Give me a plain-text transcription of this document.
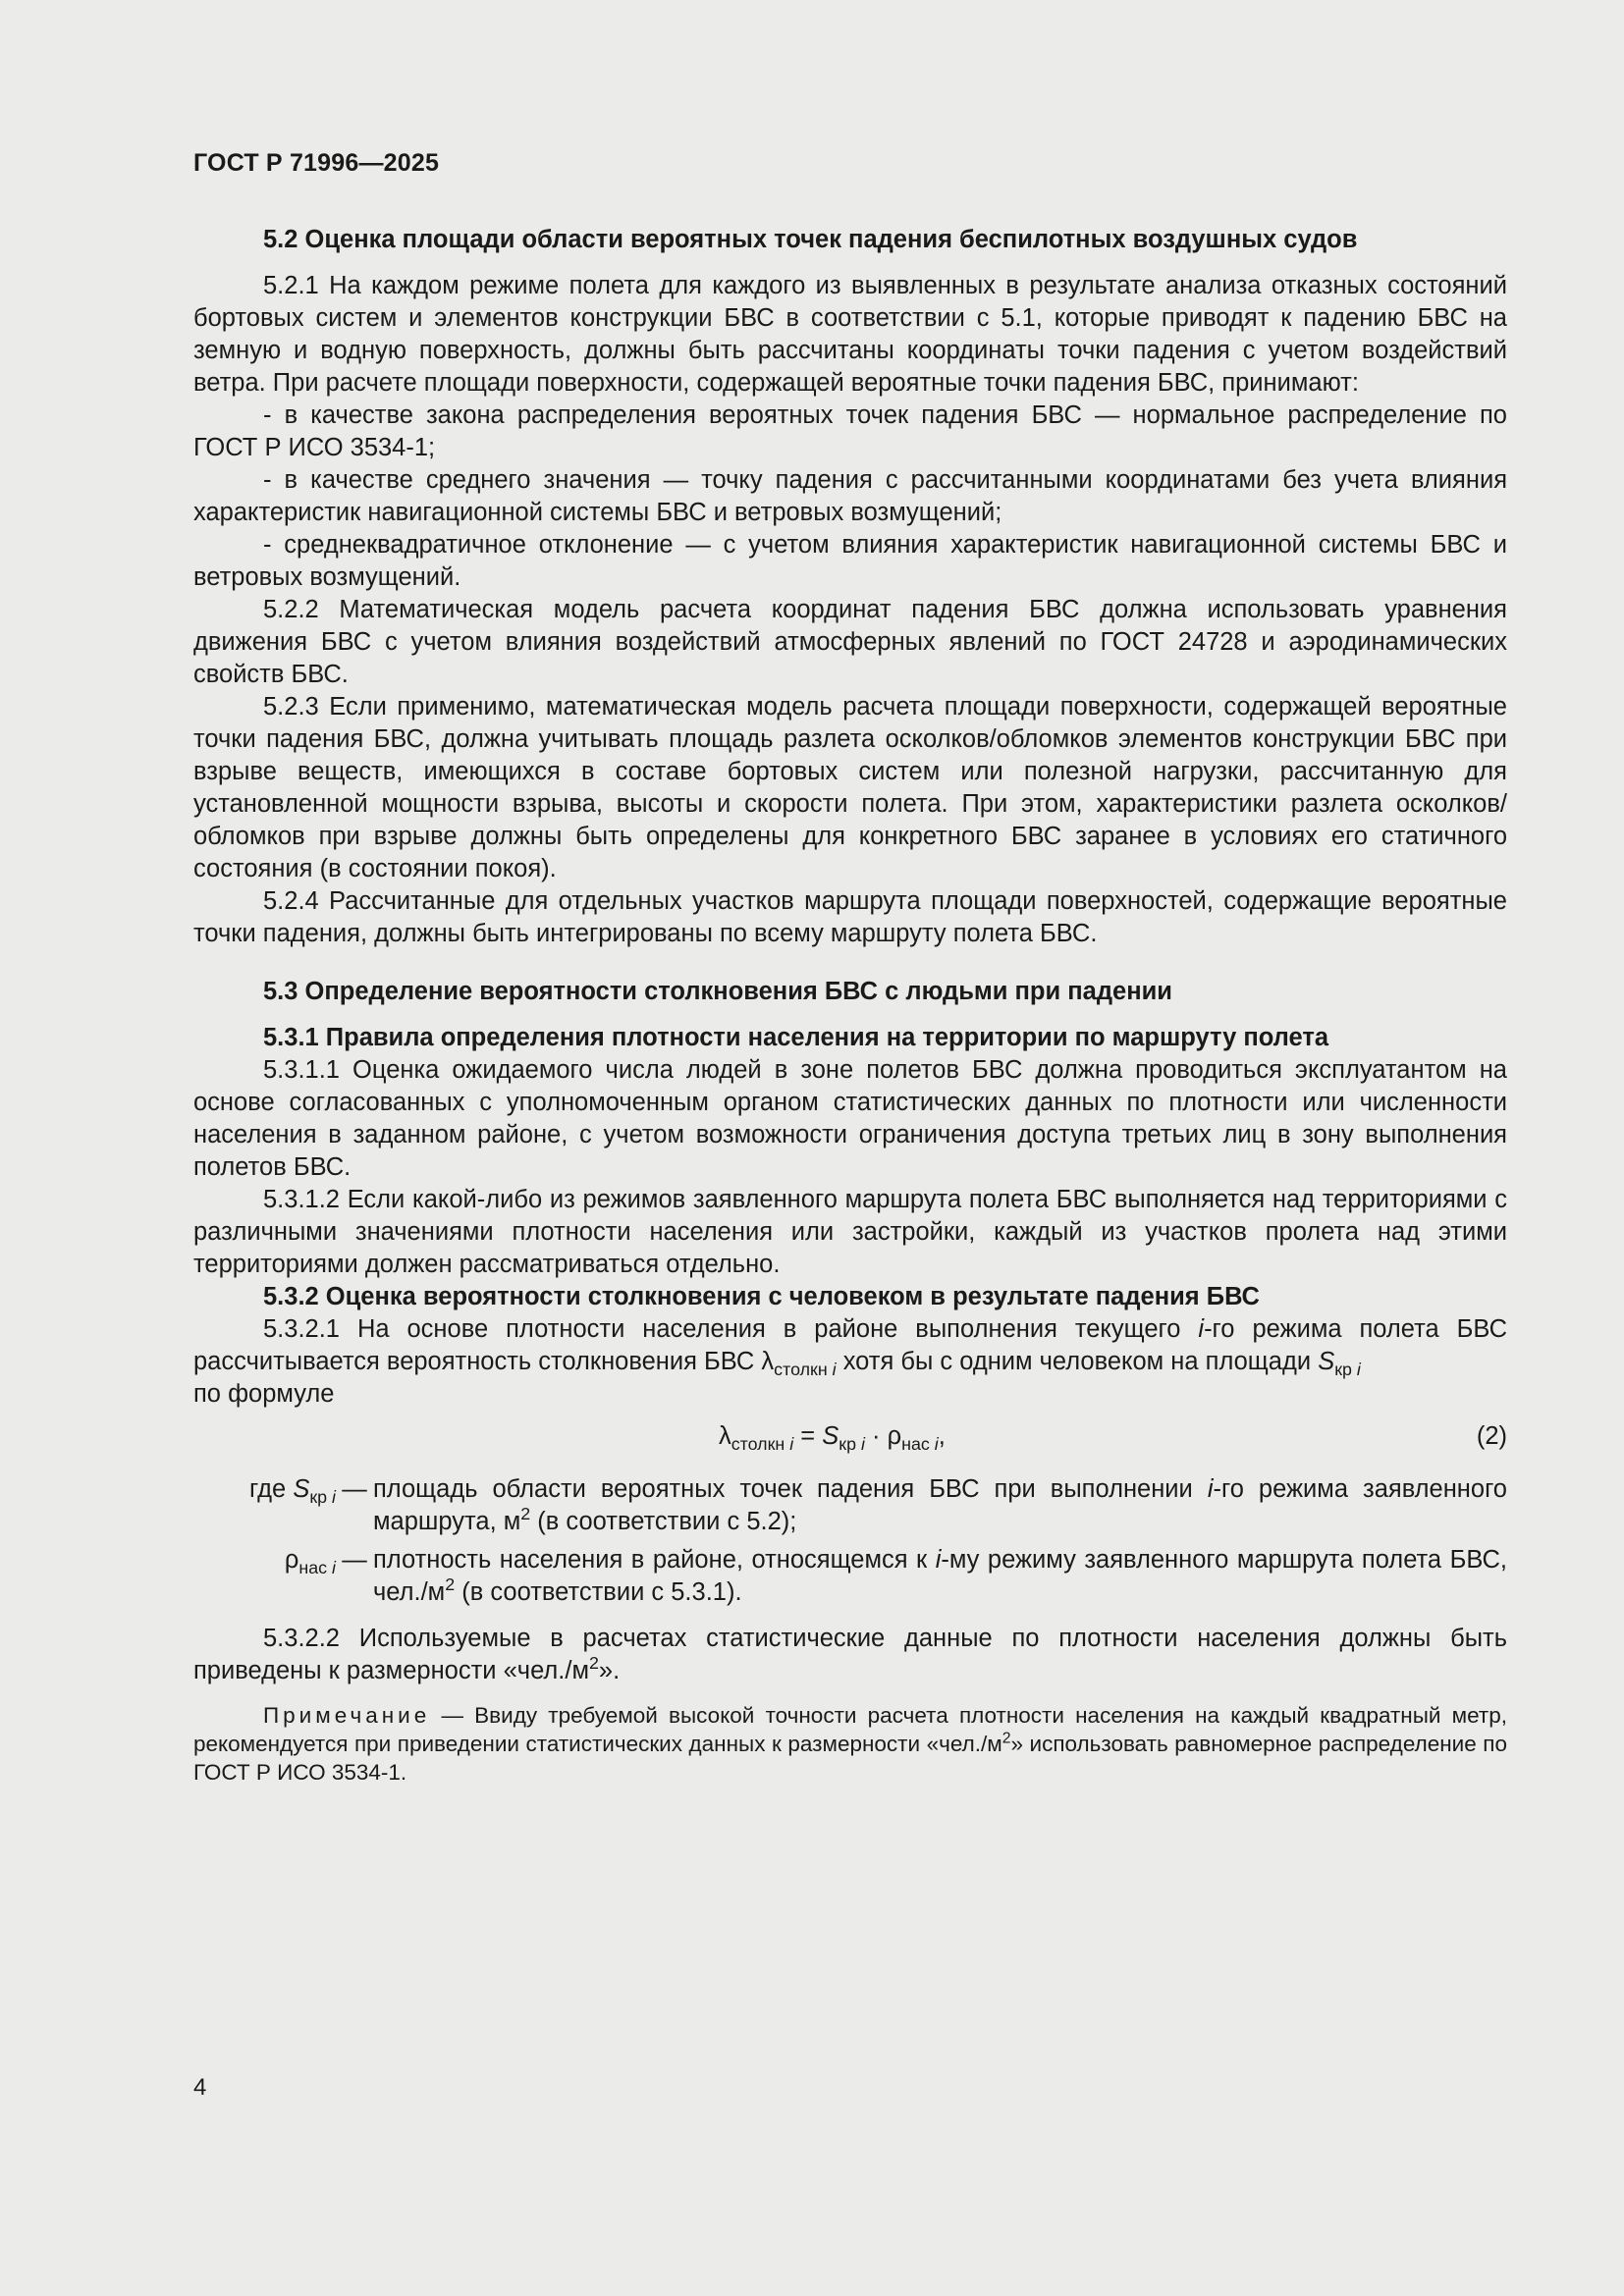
ГОСТ Р 71996—2025

5.2 Оценка площади области вероятных точек падения беспилотных воздушных судов

5.2.1 На каждом режиме полета для каждого из выявленных в результате анализа отказных состояний бортовых систем и элементов конструкции БВС в соответствии с 5.1, которые приводят к падению БВС на земную и водную поверхность, должны быть рассчитаны координаты точки падения с учетом воздействий ветра. При расчете площади поверхности, содержащей вероятные точки падения БВС, принимают:

- в качестве закона распределения вероятных точек падения БВС — нормальное распределение по ГОСТ Р ИСО 3534-1;

- в качестве среднего значения — точку падения с рассчитанными координатами без учета влияния характеристик навигационной системы БВС и ветровых возмущений;

- среднеквадратичное отклонение — с учетом влияния характеристик навигационной системы БВС и ветровых возмущений.

5.2.2 Математическая модель расчета координат падения БВС должна использовать уравнения движения БВС с учетом влияния воздействий атмосферных явлений по ГОСТ 24728 и аэродинамических свойств БВС.

5.2.3 Если применимо, математическая модель расчета площади поверхности, содержащей вероятные точки падения БВС, должна учитывать площадь разлета осколков/обломков элементов конструкции БВС при взрыве веществ, имеющихся в составе бортовых систем или полезной нагрузки, рассчитанную для установленной мощности взрыва, высоты и скорости полета. При этом, характеристики разлета осколков/обломков при взрыве должны быть определены для конкретного БВС заранее в условиях его статичного состояния (в состоянии покоя).

5.2.4 Рассчитанные для отдельных участков маршрута площади поверхностей, содержащие вероятные точки падения, должны быть интегрированы по всему маршруту полета БВС.

5.3 Определение вероятности столкновения БВС с людьми при падении

5.3.1 Правила определения плотности населения на территории по маршруту полета

5.3.1.1 Оценка ожидаемого числа людей в зоне полетов БВС должна проводиться эксплуатантом на основе согласованных с уполномоченным органом статистических данных по плотности или численности населения в заданном районе, с учетом возможности ограничения доступа третьих лиц в зону выполнения полетов БВС.

5.3.1.2 Если какой-либо из режимов заявленного маршрута полета БВС выполняется над территориями с различными значениями плотности населения или застройки, каждый из участков пролета над этими территориями должен рассматриваться отдельно.

5.3.2 Оценка вероятности столкновения с человеком в результате падения БВС

5.3.2.1 На основе плотности населения в районе выполнения текущего i-го режима полета БВС рассчитывается вероятность столкновения БВС $\lambda_{столкн i}$ хотя бы с одним человеком на площади $S_{кр i}$
по формуле

$\lambda_{столкн i} = S_{кр i} \cdot \rho_{нас i}$,	(2)
где $S_{кр i}$ — площадь области вероятных точек падения БВС при выполнении i-го режима заявленного маршрута, $м^2$ (в соответствии с 5.2);
$\rho_{нас i}$ — плотность населения в районе, относящемся к i-му режиму заявленного маршрута полета БВС, $чел./м^2$ (в соответствии с 5.3.1).

5.3.2.2 Используемые в расчетах статистические данные по плотности населения должны быть приведены к размерности «$чел./м^2$».

Примечание — Ввиду требуемой высокой точности расчета плотности населения на каждый квадратный метр, рекомендуется при приведении статистических данных к размерности «$чел./м^2$» использовать равномерное распределение по ГОСТ Р ИСО 3534-1.

4
